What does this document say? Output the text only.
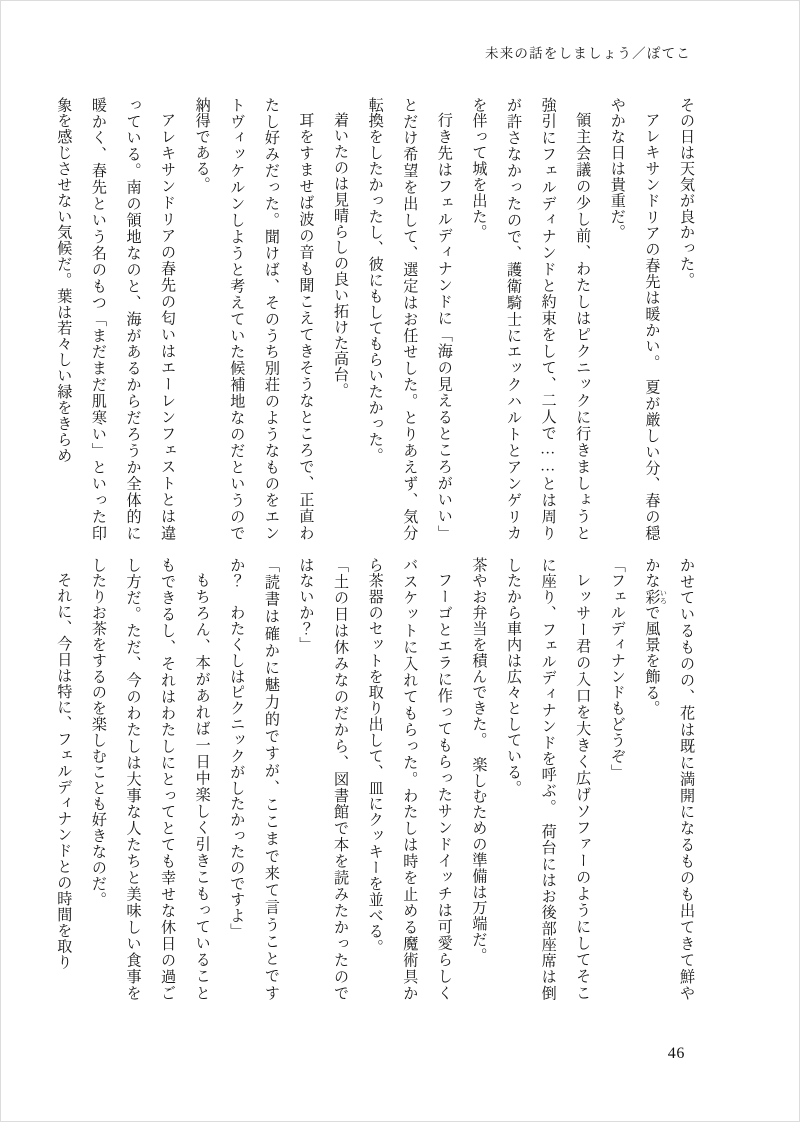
未来の話をしましょう／ぽてこ

その日は天気が良かった。

アレキサンドリアの春先は暖かい。　夏が厳しい分、春の穏やかな日は貴重だ。

領主会議の少し前、わたしはピクニックに行きましょうと強引にフェルディナンドと約束をして、二人で……とは周りが許さなかったので、護衛騎士にエックハルトとアンゲリカを伴って城を出た。

行き先はフェルディナンドに「海の見えるところがいい」とだけ希望を出して、選定はお任せした。とりあえず、気分転換をしたかったし、彼にもしてもらいたかった。

着いたのは見晴らしの良い拓けた高台。

耳をすませば波の音も聞こえてきそうなところで、正直わたし好みだった。聞けば、そのうち別荘のようなものをエントヴィッケルンしようと考えていた候補地なのだというので納得である。

アレキサンドリアの春先の匂いはエーレンフェストとは違っている。南の領地なのと、海があるからだろうか全体的に暖かく、春先という名のもつ「まだまだ肌寒い」といった印象を感じさせない気候だ。葉は若々しい緑をきらめ

かせているものの、花は既に満開になるものも出てきて鮮やかな彩 いろで風景を飾る。

「フェルディナンドもどうぞ」

レッサー君の入口を大きく広げソファーのようにしてそこに座り、フェルディナンドを呼ぶ。　荷台にはお後部座席は倒したから車内は広々としている。

茶やお弁当を積んできた。　楽しむための準備は万端だ。

フーゴとエラに作ってもらったサンドイッチは可愛らしくバスケットに入れてもらった。わたしは時を止める魔術具から茶器のセットを取り出して、皿にクッキーを並べる。

「土の日は休みなのだから、図書館で本を読みたかったのではないか？」

「読書は確かに魅力的ですが、ここまで来て言うことですか？　わたくしはピクニックがしたかったのですよ」

もちろん、本があれば一日中楽しく引きこもっていることもできるし、それはわたしにとってとても幸せな休日の過ごし方だ。ただ、今のわたしは大事な人たちと美味しい食事をしたりお茶をするのを楽しむことも好きなのだ。

それに、今日は特に、フェルディナンドとの時間を取り

46
